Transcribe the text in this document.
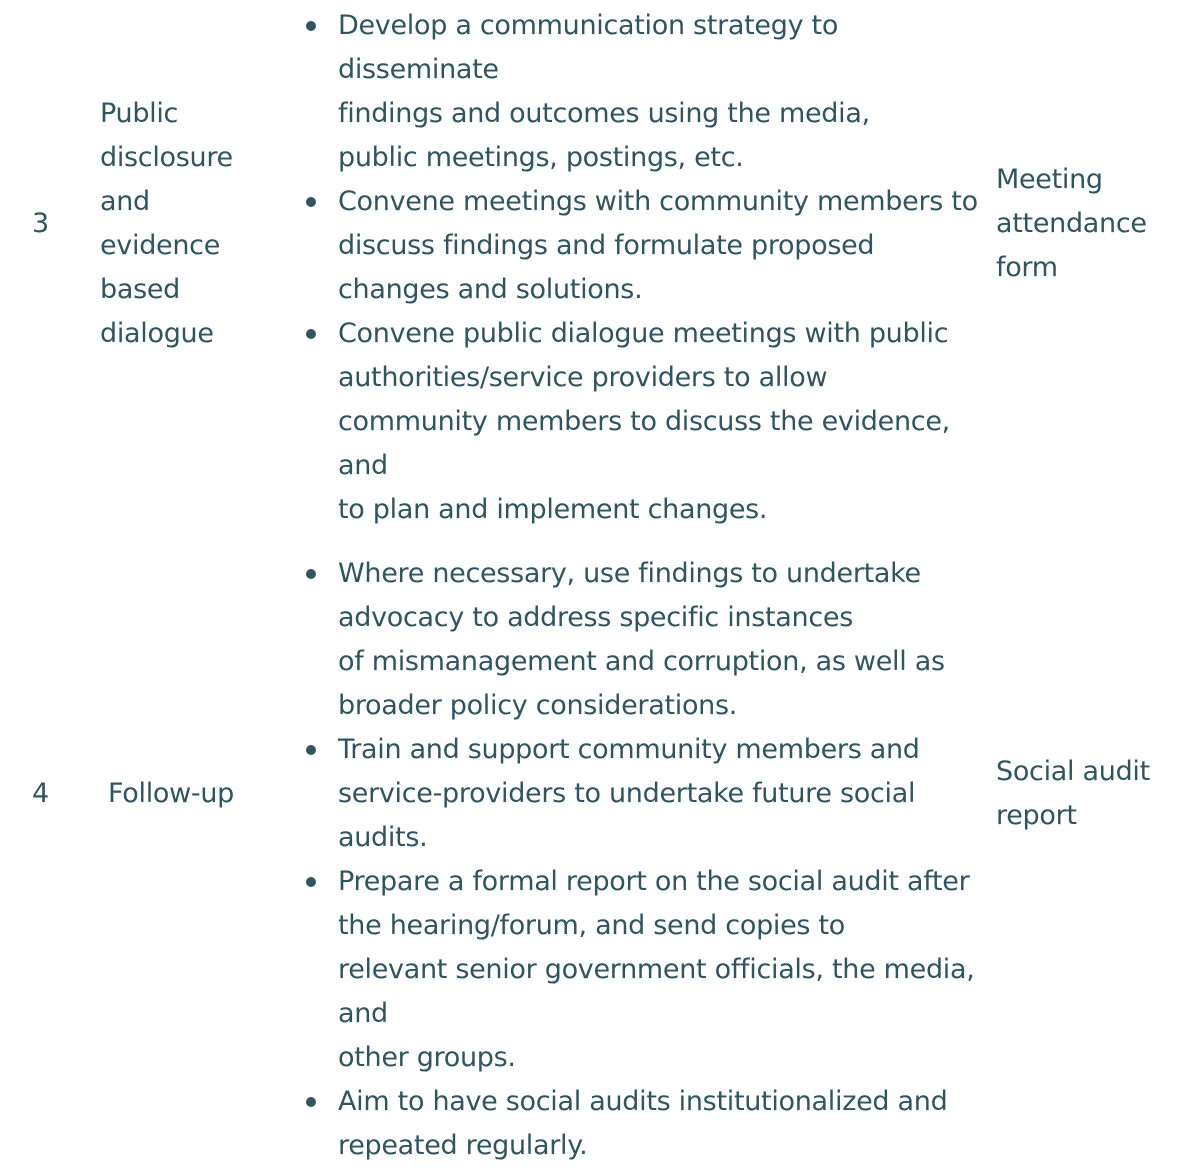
3
Public
disclosure
and
evidence
based
dialogue
Develop a communication strategy to disseminate
findings and outcomes using the media,
public meetings, postings, etc.
Convene meetings with community members to
discuss findings and formulate proposed
changes and solutions.
Convene public dialogue meetings with public
authorities/service providers to allow
community members to discuss the evidence, and
to plan and implement changes.
Meeting
attendance
form
4	Follow-up
Where necessary, use findings to undertake
advocacy to address specific instances
of mismanagement and corruption, as well as
broader policy considerations.
Train and support community members and
service-providers to undertake future social audits.
Prepare a formal report on the social audit after
the hearing/forum, and send copies to
relevant senior government officials, the media, and
other groups.
Aim to have social audits institutionalized and
repeated regularly.
Social audit
report
